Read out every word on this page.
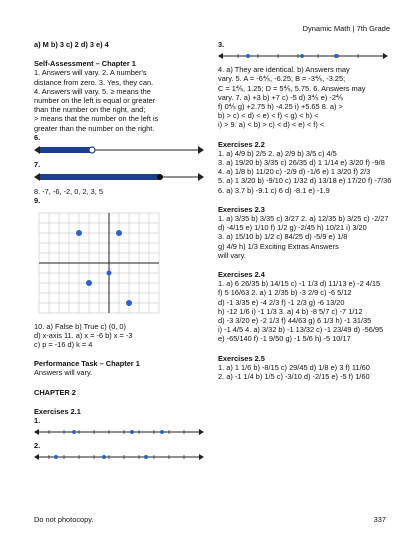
Dynamic Math | 7th Grade
a) M b) 3 c) 2 d) 3 e) 4
Self-Assessment – Chapter 1
1. Answers will vary. 2. A number's
distance from zero. 3. Yes, they can.
4. Answers will vary. 5. ≥ means the
number on the left is equal or greater
than the number on the right, and;
> means that the number on the left is
greater than the number on the right.
6.
7.
8. -7, -6, -2, 0, 2, 3, 5
9.
10. a) False b) True c) (0, 0)
d) x-axis 11. a) x = -6 b) x = -3
c) p = -16 d) k = 4
Performance Task – Chapter 1
Answers will vary.
CHAPTER 2
Exercises 2.1
1.
2.
3.
4. a) They are identical. b) Answers may
vary. 5. A = -6⅘, -6.25; B = -3⅘, -3.25;
C = 1⅘, 1.25; D = 5⅘, 5.75. 6. Answers may
vary. 7. a) +3 b) +7 c) -5 d) 3⅘ e) -2⅘
f) 0⅘ g) +2.75 h) -4.25 i) +5.65 8. a) >
b) > c) < d) < e) < f) < g) < h) <
i) > 9. a) < b) > c) < d) < e) < f) <
Exercises 2.2
1. a) 4/9 b) 2/5 2. a) 2/9 b) 3/5 c) 4/5
3. a) 19/20 b) 3/35 c) 26/35 d) 1 1/14 e) 3/20 f) -9/8
4. a) 1/8 b) 11/20 c) -2/9 d) -1/6 e) 1 3/20 f) 2/3
5. a) 1 3/20 b) -9/10 c) 1/32 d) 13/18 e) 17/20 f) -7/36
6. a) 3.7 b) -9.1 c) 6 d) -8.1 e) -1.9
Exercises 2.3
1. a) 3/35 b) 3/35 c) 3/27 2. a) 12/35 b) 3/25 c) -2/27
d) -4/15 e) 1/10 f) 1/2 g) -2/45 h) 10/21 i) 3/20
3. a) 15/10 b) 1/2 c) 84/25 d) -5/9 e) 1/8
g) 4/9 h) 1/3 Exciting Extras Answers
will vary.
Exercises 2.4
1. a) 6 26/35 b) 14/15 c) -1 1/3 d) 11/13 e) -2 4/15
f) 5 16/63 2. a) 1 2/35 b) -3 2/9 c) -6 5/12
d) -1 3/35 e) -4 2/3 f) -1 2/3 g) -6 13/20
h) -12 1/6 i) -1 1/3 3. a) 4 b) -8 5/7 c) -7 1/12
d) -3 3/20 e) -2 1/3 f) 44/63 g) 6 1/3 h) -1 31/35
i) -1 4/5 4. a) 3/32 b) -1 13/32 c) -1 23/49 d) -56/95
e) -65/140 f) -1 9/50 g) -1 5/6 h) -5 10/17
Exercises 2.5
1. a) 1 1/6 b) -8/15 c) 29/45 d) 1/8 e) 3 f) 11/60
2. a) -1 1/4 b) 1/5 c) -3/10 d) -2/15 e) -5 f) 1/60
Do not photocopy.	337
